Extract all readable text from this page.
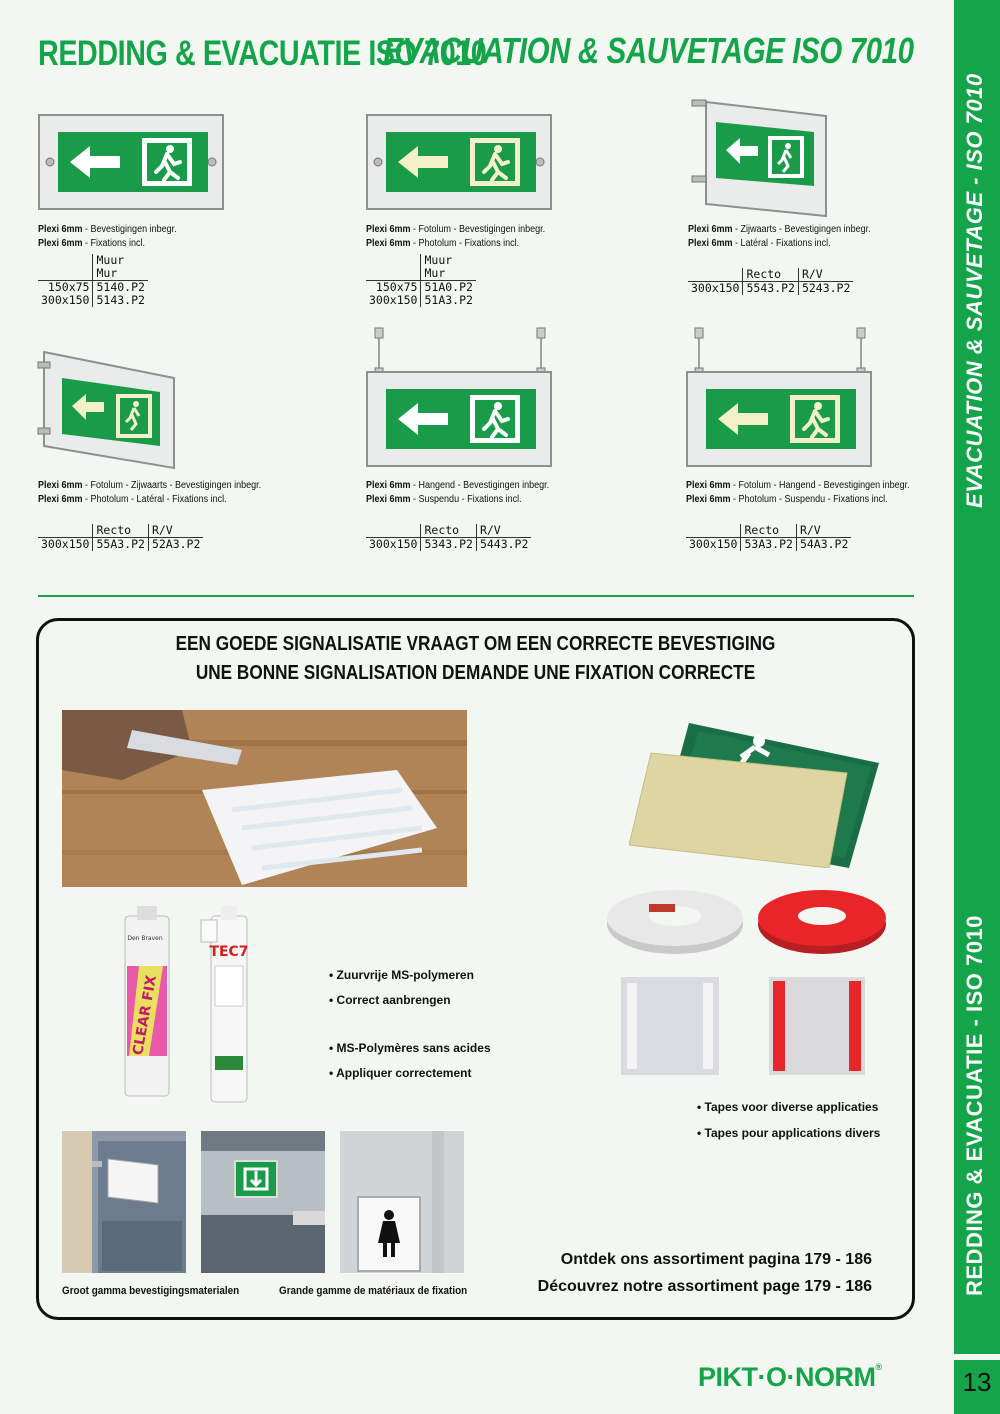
EVACUATION & SAUVETAGE - ISO 7010
REDDING & EVACUATIE - ISO 7010
13
REDDING & EVACUATIE ISO 7010
EVACUATION & SAUVETAGE ISO 7010
Plexi 6mm - Bevestigingen inbegr.
Plexi 6mm - Fixations incl.
	Muur
	Mur
150x75	5140.P2
300x150	5143.P2
Plexi 6mm - Fotolum - Bevestigingen inbegr.
Plexi 6mm - Photolum - Fixations incl.
	Muur
	Mur
150x75	51A0.P2
300x150	51A3.P2
Plexi 6mm - Zijwaarts - Bevestigingen inbegr.
Plexi 6mm - Latéral - Fixations incl.
	Recto	R/V
300x150	5543.P2	5243.P2
Plexi 6mm - Fotolum - Zijwaarts - Bevestigingen inbegr.
Plexi 6mm - Photolum - Latéral - Fixations incl.
	Recto	R/V
300x150	55A3.P2	52A3.P2
Plexi 6mm - Hangend - Bevestigingen inbegr.
Plexi 6mm - Suspendu - Fixations incl.
	Recto	R/V
300x150	5343.P2	5443.P2
Plexi 6mm - Fotolum - Hangend - Bevestigingen inbegr.
Plexi 6mm - Photolum - Suspendu - Fixations incl.
	Recto	R/V
300x150	53A3.P2	54A3.P2
EEN GOEDE SIGNALISATIE VRAAGT OM EEN CORRECTE BEVESTIGING
UNE BONNE SIGNALISATION DEMANDE UNE FIXATION CORRECTE
Den Braven
CLEAR FIX
TEC7
• Zuurvrije MS-polymeren
• Correct aanbrengen
• MS-Polymères sans acides
• Appliquer correctement
• Tapes voor diverse applicaties
• Tapes pour applications divers
Groot gamma bevestigingsmaterialen	Grande gamme de matériaux de fixation
Ontdek ons assortiment pagina 179 - 186
Découvrez notre assortiment page 179 - 186
PIKT·O·NORM®
